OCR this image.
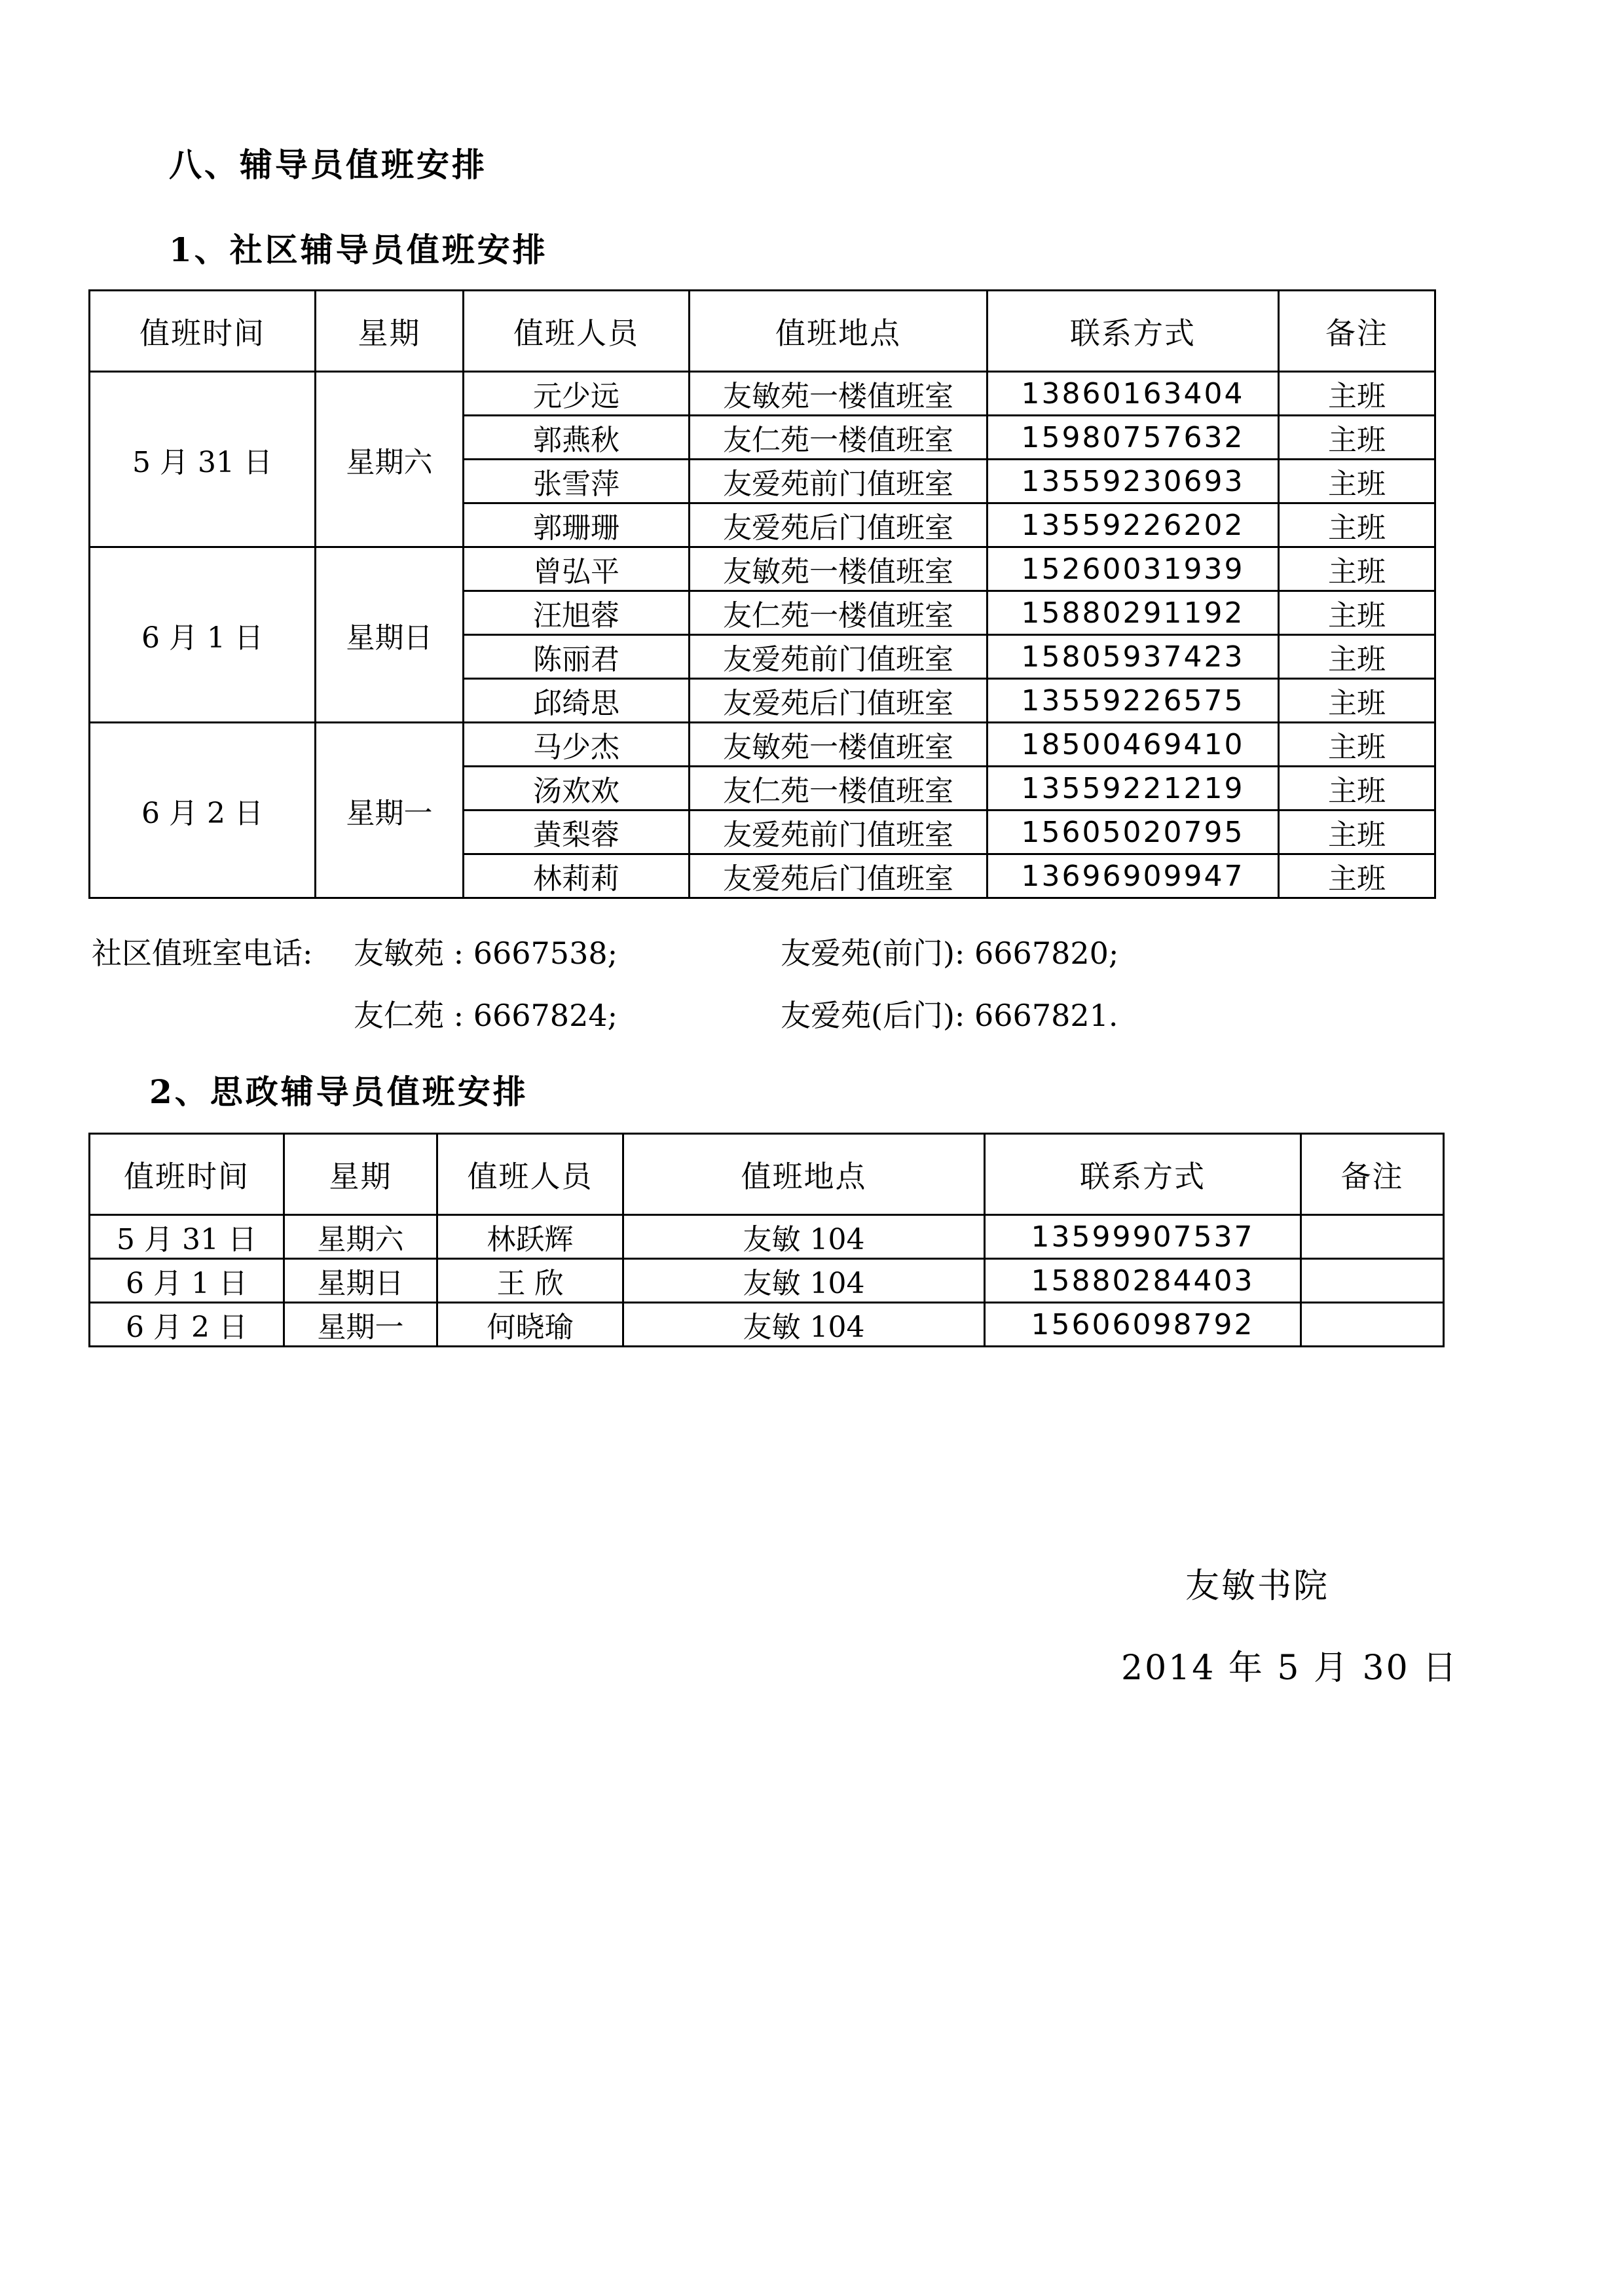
八、辅导员值班安排
1、社区辅导员值班安排
值班时间	星期	值班人员	值班地点	联系方式	备注
5 月 31 日	星期六	元少远	友敏苑一楼值班室	13860163404	主班
		郭燕秋	友仁苑一楼值班室	15980757632	主班
		张雪萍	友爱苑前门值班室	13559230693	主班
		郭珊珊	友爱苑后门值班室	13559226202	主班
6 月 1 日	星期日	曾弘平	友敏苑一楼值班室	15260031939	主班
		汪旭蓉	友仁苑一楼值班室	15880291192	主班
		陈丽君	友爱苑前门值班室	15805937423	主班
		邱绮思	友爱苑后门值班室	13559226575	主班
6 月 2 日	星期一	马少杰	友敏苑一楼值班室	18500469410	主班
		汤欢欢	友仁苑一楼值班室	13559221219	主班
		黄梨蓉	友爱苑前门值班室	15605020795	主班
		林莉莉	友爱苑后门值班室	13696909947	主班
社区值班室电话: 友敏苑 : 6667538;	友爱苑(前门): 6667820;
友仁苑 : 6667824;	友爱苑(后门): 6667821.
2、思政辅导员值班安排
值班时间	星期	值班人员	值班地点	联系方式	备注
5 月 31 日	星期六	林跃辉	友敏 104	13599907537	
6 月 1 日	星期日	王 欣	友敏 104	15880284403	
6 月 2 日	星期一	何晓瑜	友敏 104	15606098792	
友敏书院
2014 年 5 月 30 日
